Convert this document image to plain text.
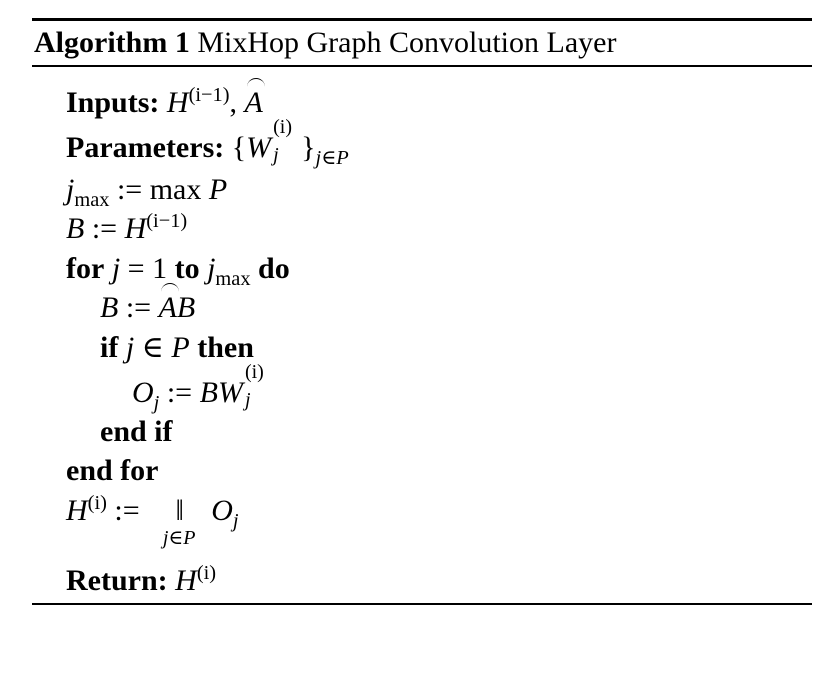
Algorithm 1 MixHop Graph Convolution Layer
Inputs: $H^{(i-1)}$, A
Parameters: {W
(i)
j }$_{j\in P}$
$j_{max}$ := max P
B := $H^{(i-1)}$
for j = 1 to $j_{max}$ do
B := AB
if j ∈ P then
$O_j$ := BW
(i)
j
end if
end for
$H^{(i)}$ := ‖
j∈P
$O_j$
Return: $H^{(i)}$
